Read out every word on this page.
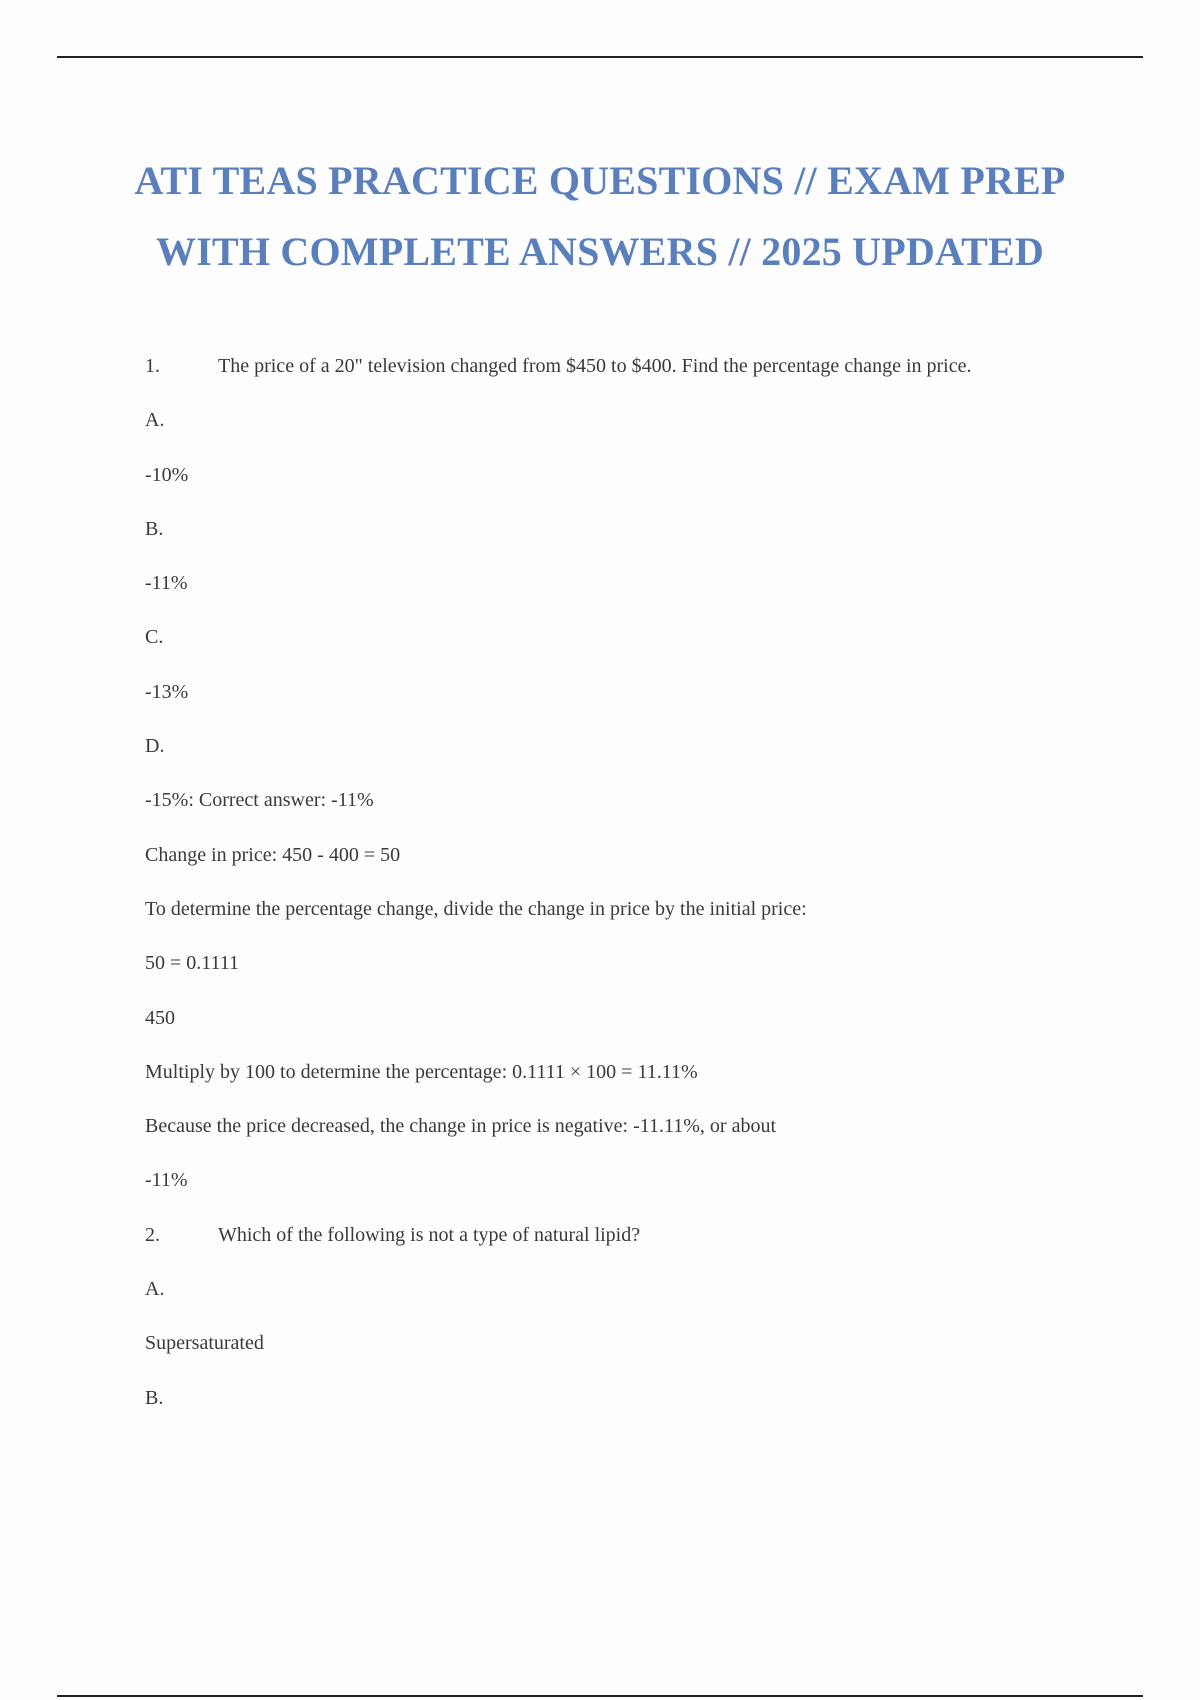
ATI TEAS PRACTICE QUESTIONS // EXAM PREP
WITH COMPLETE ANSWERS // 2025 UPDATED
1.	The price of a 20" television changed from $450 to $400. Find the percentage change in price.
A.
-10%
B.
-11%
C.
-13%
D.
-15%: Correct answer: -11%
Change in price: 450 - 400 = 50
To determine the percentage change, divide the change in price by the initial price:
50 = 0.1111
450
Multiply by 100 to determine the percentage: 0.1111 × 100 = 11.11%
Because the price decreased, the change in price is negative: -11.11%, or about
-11%
2.	Which of the following is not a type of natural lipid?
A.
Supersaturated
B.
